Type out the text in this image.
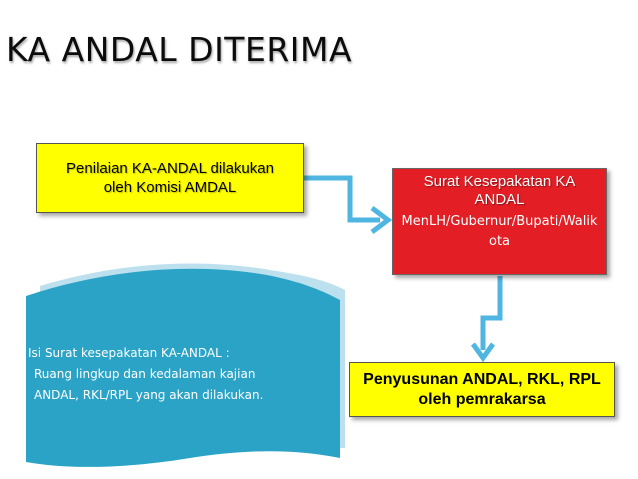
KA ANDAL DITERIMA
Isi Surat kesepakatan KA-ANDAL :
Ruang lingkup dan kedalaman kajian
ANDAL, RKL/RPL yang akan dilakukan.
Penilaian KA-ANDAL dilakukan oleh Komisi AMDAL	Surat Kesepakatan KA ANDAL
MenLH/Gubernur/Bupati/Walikota
Penyusunan ANDAL, RKL, RPL oleh pemrakarsa
